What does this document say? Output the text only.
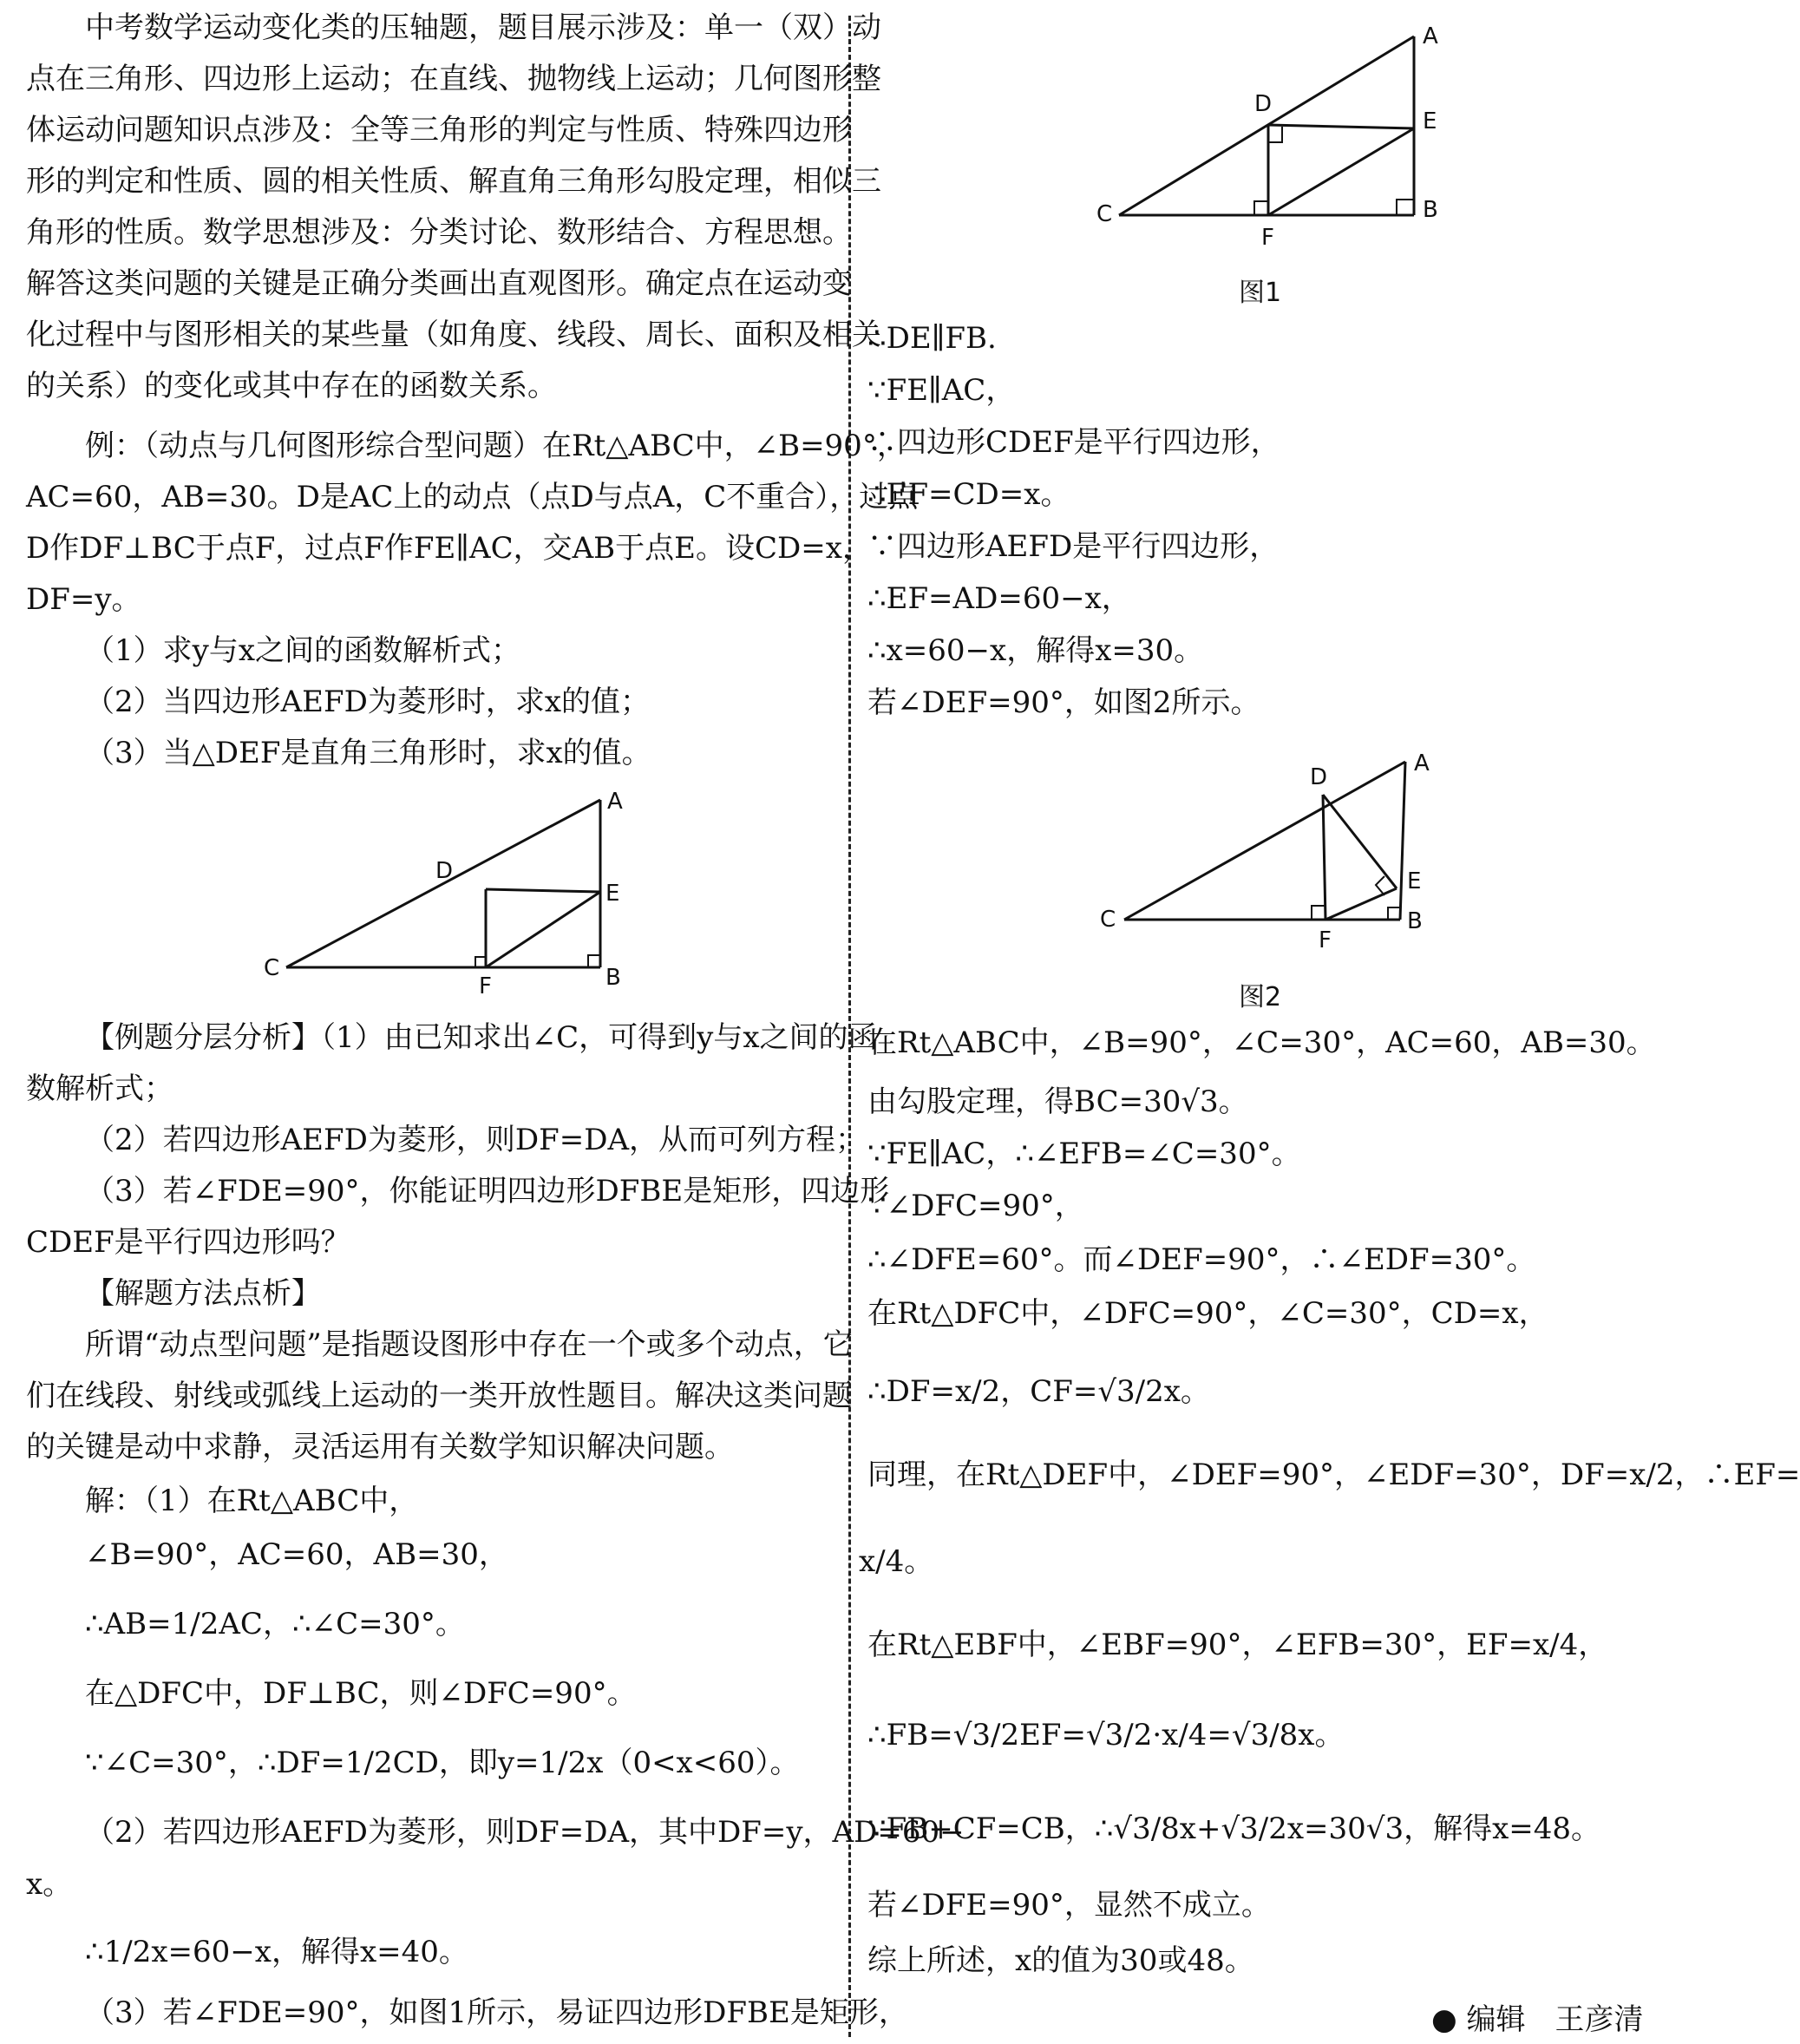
中考数学运动变化类的压轴题，题目展示涉及：单一（双）动
点在三角形、四边形上运动；在直线、抛物线上运动；几何图形整
体运动问题知识点涉及：全等三角形的判定与性质、特殊四边形
形的判定和性质、圆的相关性质、解直角三角形勾股定理，相似三
角形的性质。数学思想涉及：分类讨论、数形结合、方程思想。
解答这类问题的关键是正确分类画出直观图形。确定点在运动变
化过程中与图形相关的某些量（如角度、线段、周长、面积及相关
的关系）的变化或其中存在的函数关系。
例：（动点与几何图形综合型问题）在Rt△ABC中，∠B=90°，
AC=60，AB=30。D是AC上的动点（点D与点A，C不重合），过点
D作DF⊥BC于点F，过点F作FE∥AC，交AB于点E。设CD=x，
DF=y。
（1）求y与x之间的函数解析式；
（2）当四边形AEFD为菱形时，求x的值；
（3）当△DEF是直角三角形时，求x的值。
A
E
B
C
D
F
【例题分层分析】（1）由已知求出∠C，可得到y与x之间的函
数解析式；
（2）若四边形AEFD为菱形，则DF=DA，从而可列方程；
（3）若∠FDE=90°，你能证明四边形DFBE是矩形，四边形
CDEF是平行四边形吗？
【解题方法点析】
所谓“动点型问题”是指题设图形中存在一个或多个动点，它
们在线段、射线或弧线上运动的一类开放性题目。解决这类问题
的关键是动中求静，灵活运用有关数学知识解决问题。
解：（1）在Rt△ABC中，
∠B=90°，AC=60，AB=30，
∴AB=1/2AC，∴∠C=30°。
在△DFC中，DF⊥BC，则∠DFC=90°。
∵∠C=30°，∴DF=1/2CD，即y=1/2x（0<x<60）。
（2）若四边形AEFD为菱形，则DF=DA，其中DF=y，AD=60−
x。
∴1/2x=60−x，解得x=40。
（3）若∠FDE=90°，如图1所示，易证四边形DFBE是矩形，
A
E
B
C
D
F
图1
∴DE∥FB.
∵FE∥AC，
∴四边形CDEF是平行四边形，
∴EF=CD=x。
∵四边形AEFD是平行四边形，
∴EF=AD=60−x，
∴x=60−x，解得x=30。
若∠DEF=90°，如图2所示。
A
E
B
C
D
F
图2
在Rt△ABC中，∠B=90°，∠C=30°，AC=60，AB=30。
由勾股定理，得BC=30√3。
∵FE∥AC，∴∠EFB=∠C=30°。
∵∠DFC=90°，
∴∠DFE=60°。而∠DEF=90°，∴∠EDF=30°。
在Rt△DFC中，∠DFC=90°，∠C=30°，CD=x，
∴DF=x/2，CF=√3/2x。
同理，在Rt△DEF中，∠DEF=90°，∠EDF=30°，DF=x/2，∴EF=
x/4。
在Rt△EBF中，∠EBF=90°，∠EFB=30°，EF=x/4，
∴FB=√3/2EF=√3/2·x/4=√3/8x。
∵FB+CF=CB，∴√3/8x+√3/2x=30√3，解得x=48。
若∠DFE=90°，显然不成立。
综上所述，x的值为30或48。
● 编辑　王彦清
